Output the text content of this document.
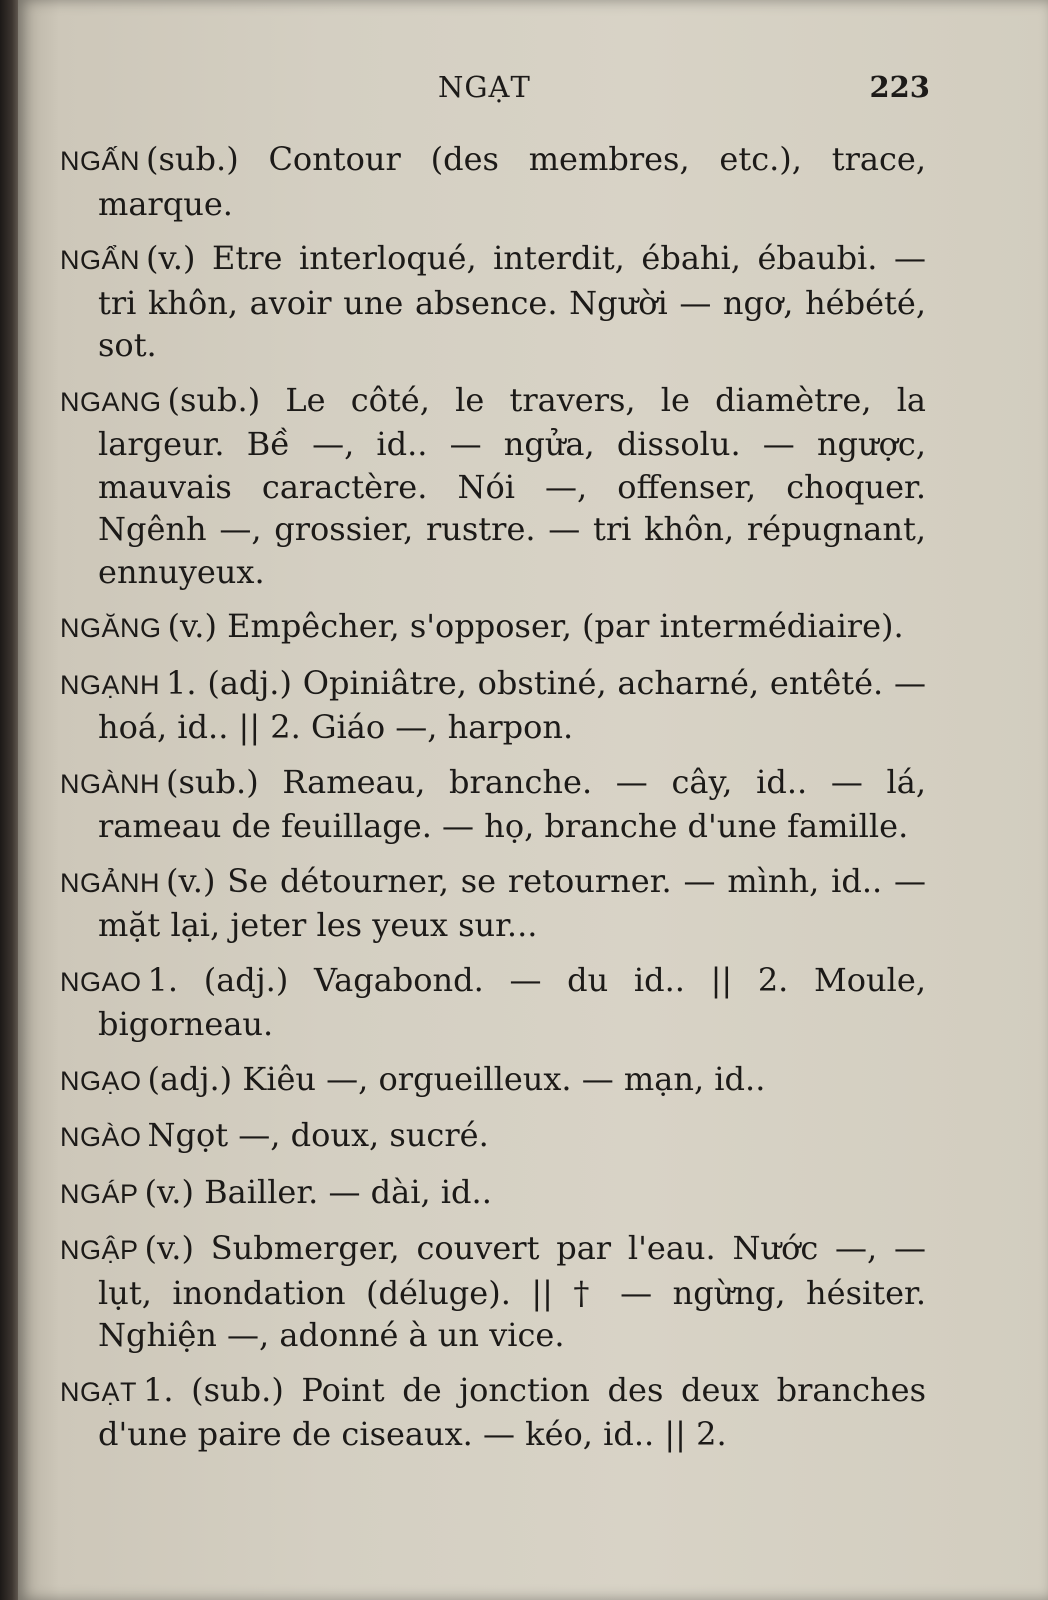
NGẠT	223

NGẤN (sub.) Contour (des membres, etc.), trace, marque.

NGẨN (v.) Etre interloqué, interdit, ébahi, ébaubi. — tri khôn, avoir une absence. Người — ngơ, hébété, sot.

NGANG (sub.) Le côté, le travers, le diamètre, la largeur. Bề —, id.. — ngửa, dissolu. — ngược, mauvais caractère. Nói —, offenser, choquer. Ngênh —, grossier, rustre. — tri khôn, répugnant, ennuyeux.

NGĂNG (v.) Empêcher, s'opposer, (par intermédiaire).

NGẠNH 1. (adj.) Opiniâtre, obstiné, acharné, entêté. — hoá, id.. || 2. Giáo —, harpon.

NGÀNH (sub.) Rameau, branche. — cây, id.. — lá, rameau de feuillage. — họ, branche d'une famille.

NGẢNH (v.) Se détourner, se retourner. — mình, id.. — mặt lại, jeter les yeux sur...

NGAO 1. (adj.) Vagabond. — du id.. || 2. Moule, bigorneau.

NGẠO (adj.) Kiêu —, orgueilleux. — mạn, id..

NGÀO Ngọt —, doux, sucré.

NGÁP (v.) Bailler. — dài, id..

NGẬP (v.) Submerger, couvert par l'eau. Nước —, — lụt, inondation (déluge). || † — ngừng, hésiter. Nghiện —, adonné à un vice.

NGẠT 1. (sub.) Point de jonction des deux branches d'une paire de ciseaux. — kéo, id.. || 2.
